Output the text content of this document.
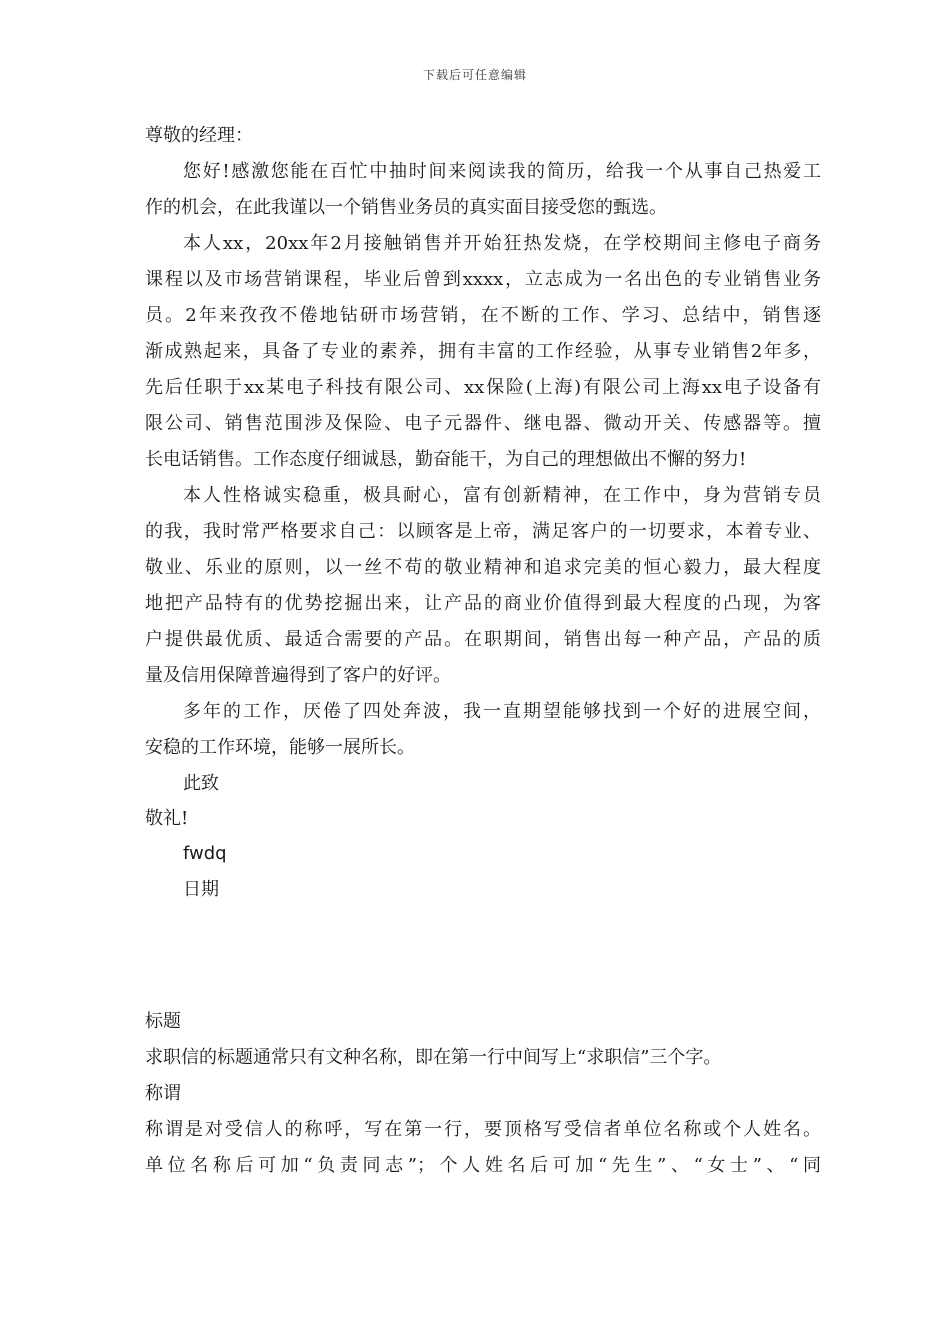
下载后可任意编辑
尊敬的经理：
您好!感激您能在百忙中抽时间来阅读我的简历，给我一个从事自己热爱工
作的机会，在此我谨以一个销售业务员的真实面目接受您的甄选。
本人xx，20xx年2月接触销售并开始狂热发烧，在学校期间主修电子商务
课程以及市场营销课程，毕业后曾到xxxx，立志成为一名出色的专业销售业务
员。2年来孜孜不倦地钻研市场营销，在不断的工作、学习、总结中，销售逐
渐成熟起来，具备了专业的素养，拥有丰富的工作经验，从事专业销售2年多，
先后任职于xx某电子科技有限公司、xx保险(上海)有限公司上海xx电子设备有
限公司、销售范围涉及保险、电子元器件、继电器、微动开关、传感器等。擅
长电话销售。工作态度仔细诚恳，勤奋能干，为自己的理想做出不懈的努力!
本人性格诚实稳重，极具耐心，富有创新精神，在工作中，身为营销专员
的我，我时常严格要求自己：以顾客是上帝，满足客户的一切要求，本着专业、
敬业、乐业的原则，以一丝不苟的敬业精神和追求完美的恒心毅力，最大程度
地把产品特有的优势挖掘出来，让产品的商业价值得到最大程度的凸现，为客
户提供最优质、最适合需要的产品。在职期间，销售出每一种产品，产品的质
量及信用保障普遍得到了客户的好评。
多年的工作，厌倦了四处奔波，我一直期望能够找到一个好的进展空间，
安稳的工作环境，能够一展所长。
此致
敬礼!
fwdq
日期
标题
求职信的标题通常只有文种名称，即在第一行中间写上“求职信”三个字。
称谓
称谓是对受信人的称呼，写在第一行，要顶格写受信者单位名称或个人姓名。
单位名称后可加“负责同志”；个人姓名后可加“先生”、“女士”、“同
